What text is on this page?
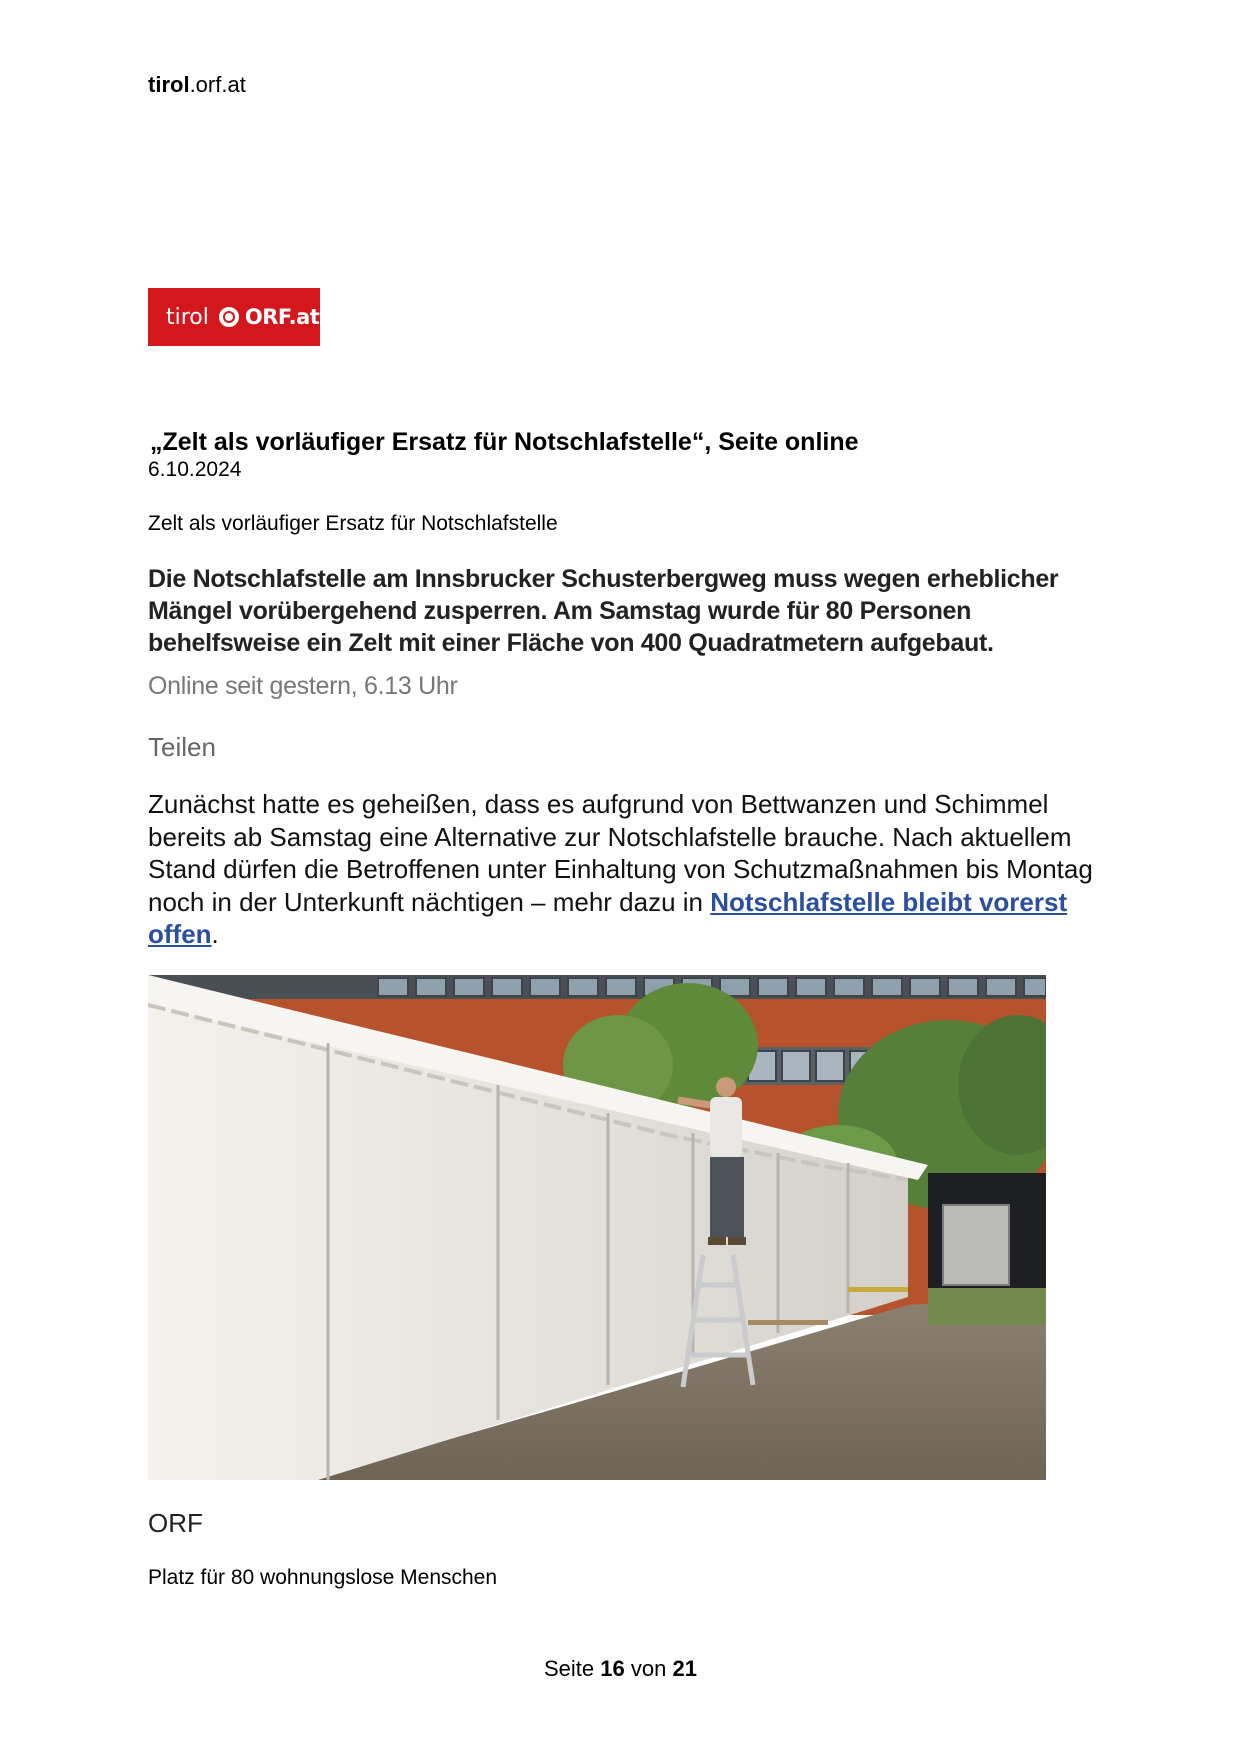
tirol.orf.at
tirol ORF.at
„Zelt als vorläufiger Ersatz für Notschlafstelle“, Seite online
6.10.2024
Zelt als vorläufiger Ersatz für Notschlafstelle
Die Notschlafstelle am Innsbrucker Schusterbergweg muss wegen erheblicher Mängel vorübergehend zusperren. Am Samstag wurde für 80 Personen behelfsweise ein Zelt mit einer Fläche von 400 Quadratmetern aufgebaut.
Online seit gestern, 6.13 Uhr
Teilen
Zunächst hatte es geheißen, dass es aufgrund von Bettwanzen und Schimmel bereits ab Samstag eine Alternative zur Notschlafstelle brauche. Nach aktuellem Stand dürfen die Betroffenen unter Einhaltung von Schutzmaßnahmen bis Montag noch in der Unterkunft nächtigen – mehr dazu in Notschlafstelle bleibt vorerst offen.
ORF
Platz für 80 wohnungslose Menschen
Seite 16 von 21
